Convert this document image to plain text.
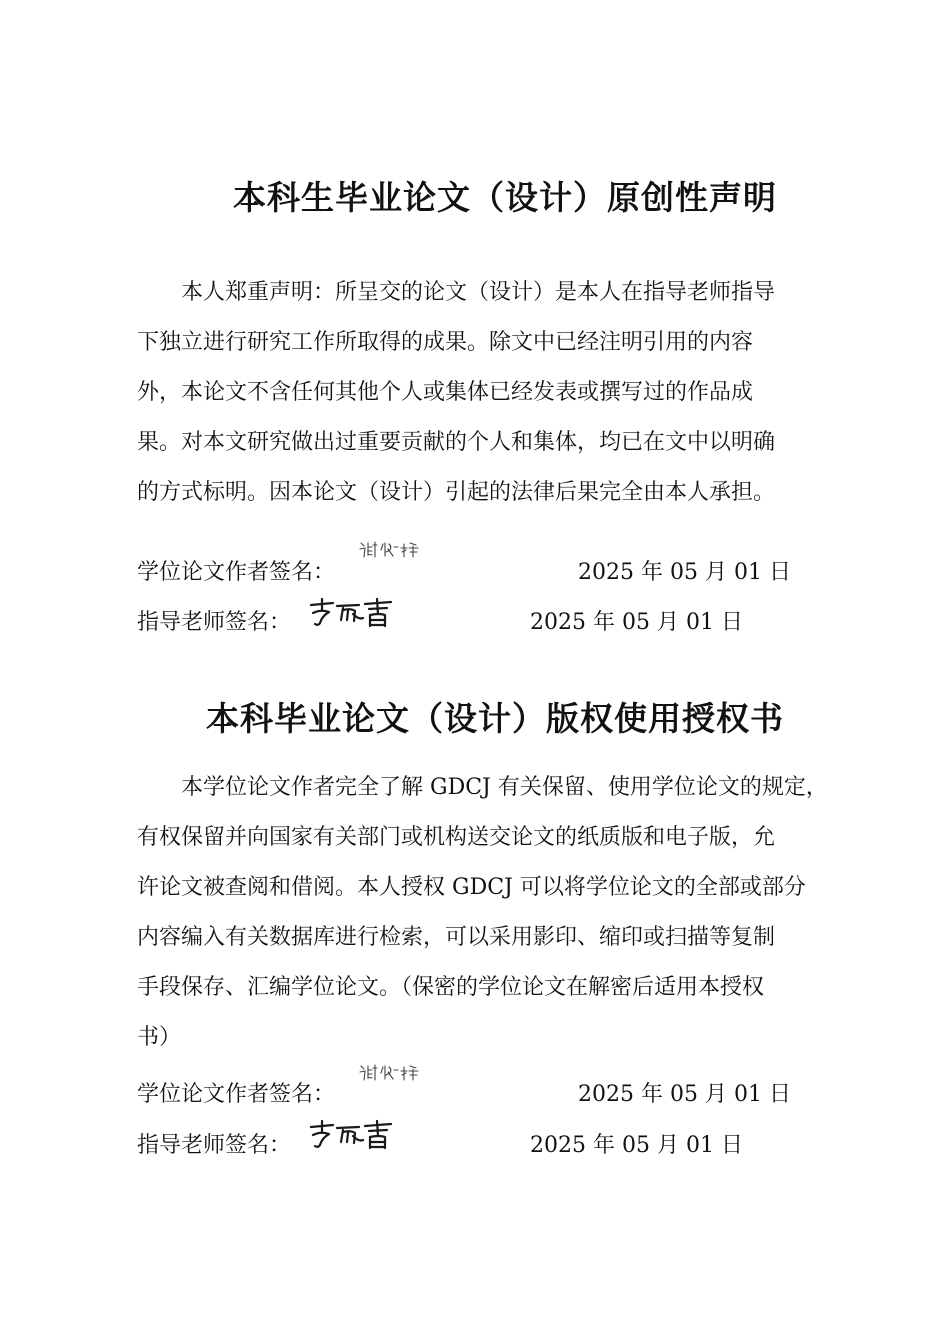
本科生毕业论文（设计）原创性声明
本人郑重声明：所呈交的论文（设计）是本人在指导老师指导
下独立进行研究工作所取得的成果。除文中已经注明引用的内容
外，本论文不含任何其他个人或集体已经发表或撰写过的作品成
果。对本文研究做出过重要贡献的个人和集体，均已在文中以明确
的方式标明。因本论文（设计）引起的法律后果完全由本人承担。
学位论文作者签名：	2025 年 05 月 01 日
指导老师签名：	2025 年 05 月 01 日
本科毕业论文（设计）版权使用授权书
本学位论文作者完全了解 GDCJ 有关保留、使用学位论文的规定，
有权保留并向国家有关部门或机构送交论文的纸质版和电子版，允
许论文被查阅和借阅。本人授权 GDCJ 可以将学位论文的全部或部分
内容编入有关数据库进行检索，可以采用影印、缩印或扫描等复制
手段保存、汇编学位论文。（保密的学位论文在解密后适用本授权
书）
学位论文作者签名：	2025 年 05 月 01 日
指导老师签名：	2025 年 05 月 01 日
